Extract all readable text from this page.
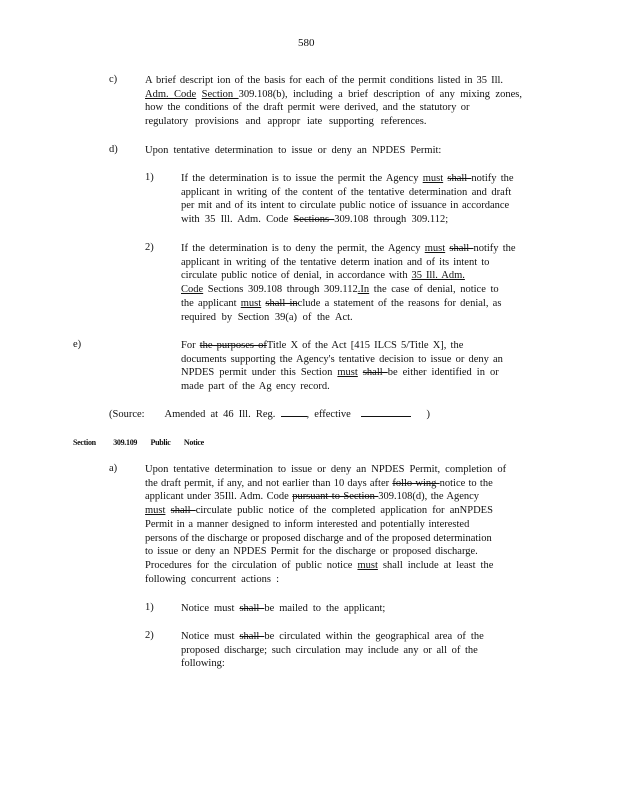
580
c)	A brief descript ion of the basis for each of the permit conditions listed in 35 Ill.
Adm. Code Section 309.108(b), including a brief description of any mixing zones,
how the conditions of the draft permit were derived, and the statutory or
regulatory provisions and appropr iate supporting references.
d)	Upon tentative determination to issue or deny an NPDES Permit:
1)	If the determination is to issue the permit the Agency must shall notify the
applicant in writing of the content of the tentative determination and draft
per mit and of its intent to circulate public notice of issuance in accordance
with 35 Ill. Adm. Code Sections 309.108 through 309.112;
2)	If the determination is to deny the permit, the Agency must shall notify the
applicant in writing of the tentative determ ination and of its intent to
circulate public notice of denial, in accordance with 35 Ill. Adm.
Code Sections 309.108 through 309.112.In the case of denial, notice to
the applicant must shall include a statement of the reasons for denial, as
required by Section 39(a) of the Act.
e)	For the purposes ofTitle X of the Act [415 ILCS 5/Title X], the
documents supporting the Agency's tentative decision to issue or deny an
NPDES permit under this Section must shall be either identified in or
made part of the Ag ency record.
(Source: Amended at 46 Ill. Reg.	, effective	)
Section 309.109 Public Notice
a)	Upon tentative determination to issue or deny an NPDES Permit, completion of
the draft permit, if any, and not earlier than 10 days after follo wing notice to the
applicant under 35Ill. Adm. Code pursuant to Section 309.108(d), the Agency
must shall circulate public notice of the completed application for anNPDES
Permit in a manner designed to inform interested and potentially interested
persons of the discharge or proposed discharge and of the proposed determination
to issue or deny an NPDES Permit for the discharge or proposed discharge.
Procedures for the circulation of public notice must shall include at least the
following concurrent actions :
1)	Notice must shall be mailed to the applicant;
2)	Notice must shall be circulated within the geographical area of the
proposed discharge; such circulation may include any or all of the
following:
